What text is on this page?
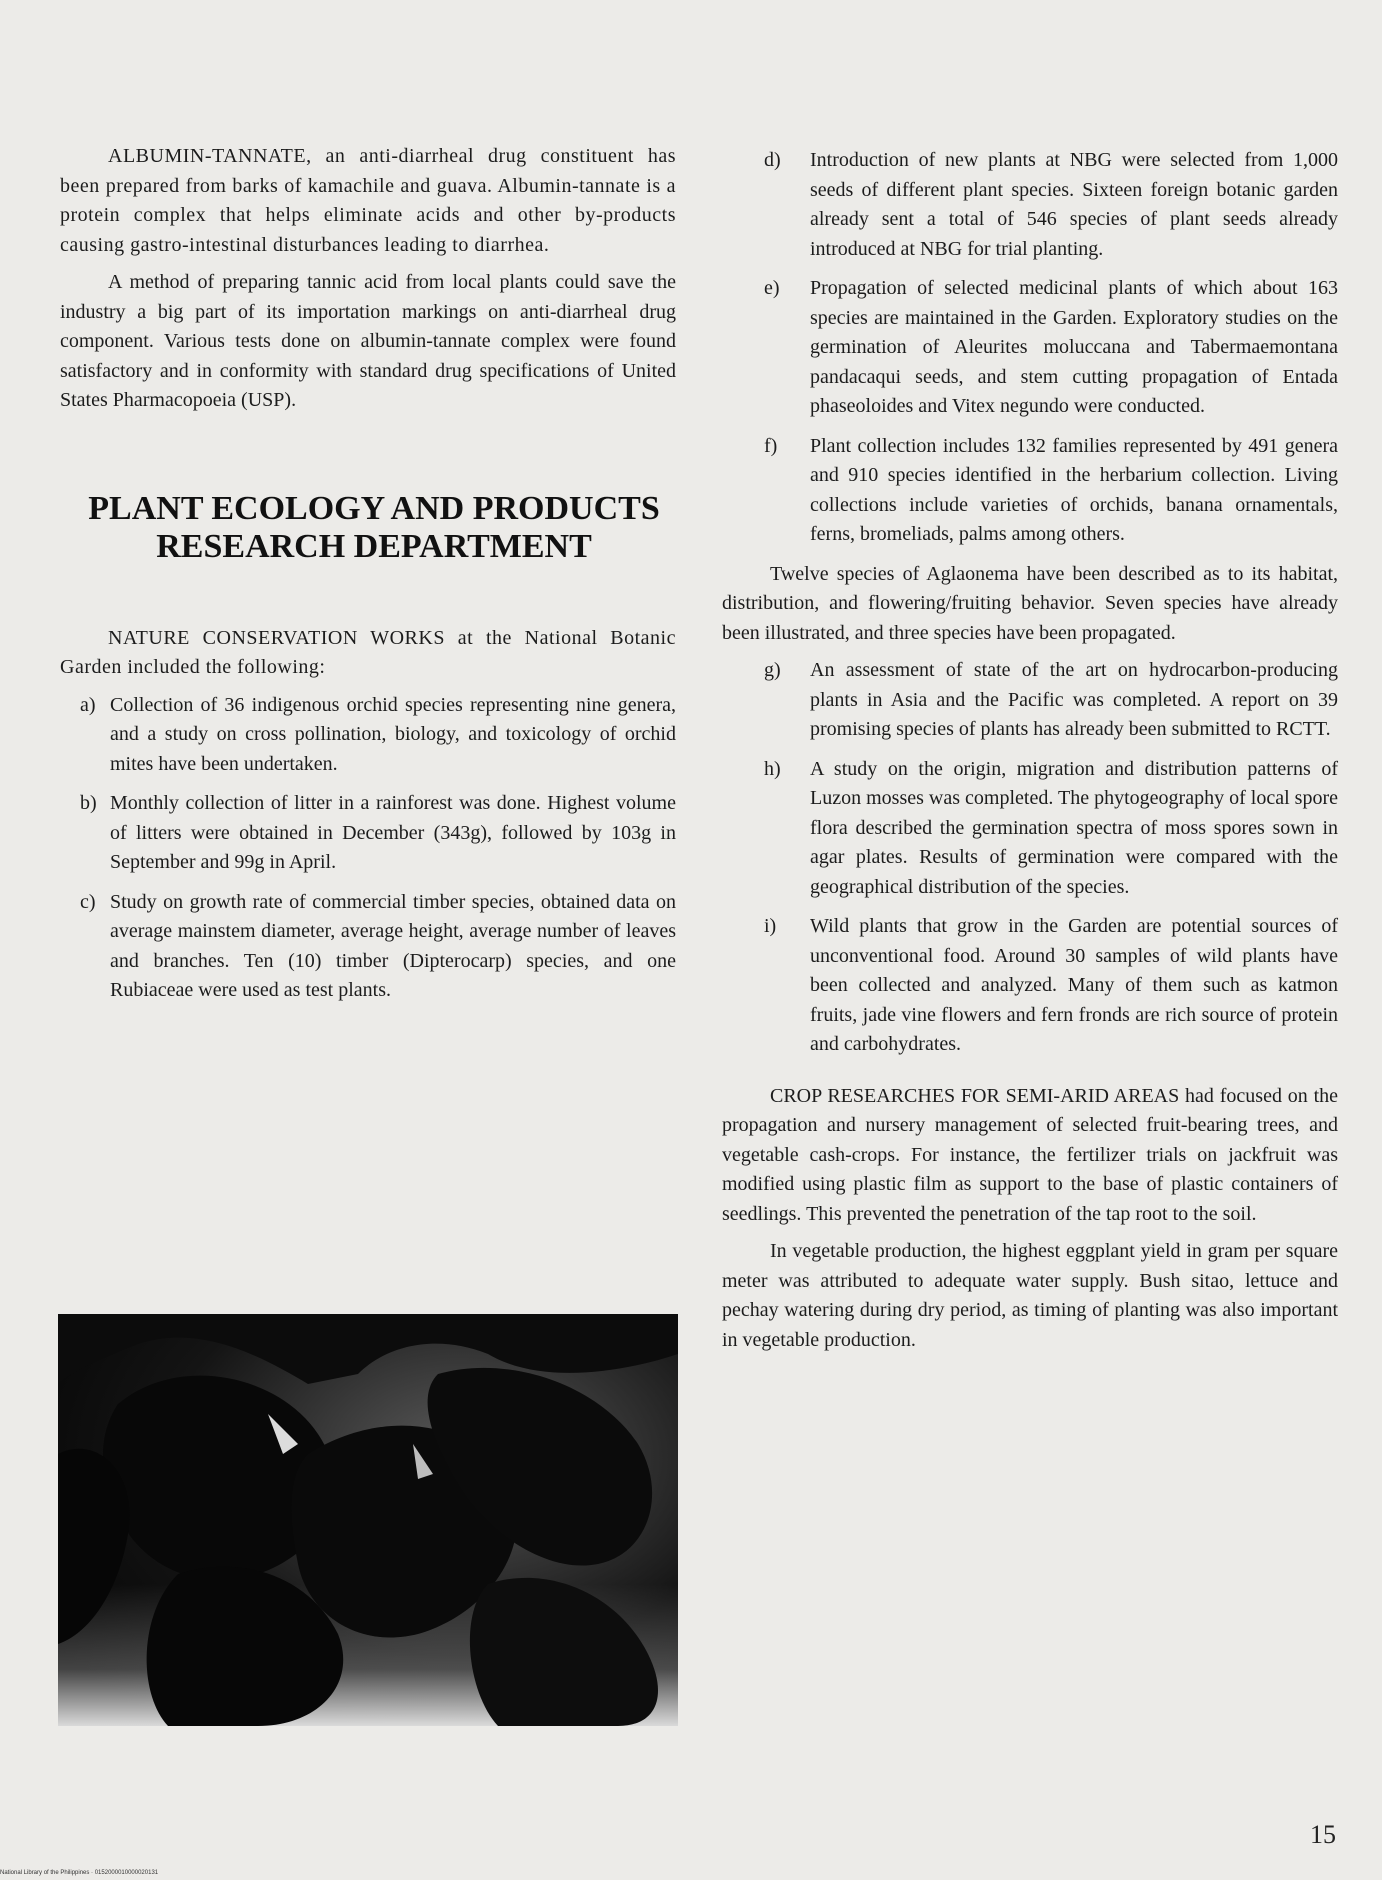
ALBUMIN-TANNATE, an anti-diarrheal drug constituent has been prepared from barks of kamachile and guava. Albumin-tannate is a protein complex that helps eliminate acids and other by-products causing gastro-intestinal disturbances leading to diarrhea.

A method of preparing tannic acid from local plants could save the industry a big part of its importation markings on anti-diarrheal drug component. Various tests done on albumin-tannate complex were found satisfactory and in conformity with standard drug specifications of United States Pharmacopoeia (USP).

PLANT ECOLOGY AND PRODUCTS RESEARCH DEPARTMENT

NATURE CONSERVATION WORKS at the National Botanic Garden included the following:

a) Collection of 36 indigenous orchid species representing nine genera, and a study on cross pollination, biology, and toxicology of orchid mites have been undertaken.
b) Monthly collection of litter in a rainforest was done. Highest volume of litters were obtained in December (343g), followed by 103g in September and 99g in April.
c) Study on growth rate of commercial timber species, obtained data on average mainstem diameter, average height, average number of leaves and branches. Ten (10) timber (Dipterocarp) species, and one Rubiaceae were used as test plants.
d)	Introduction of new plants at NBG were selected from 1,000 seeds of different plant species. Sixteen foreign botanic garden already sent a total of 546 species of plant seeds already introduced at NBG for trial planting.
e)	Propagation of selected medicinal plants of which about 163 species are maintained in the Garden. Exploratory studies on the germination of Aleurites moluccana and Tabermaemontana pandacaqui seeds, and stem cutting propagation of Entada phaseoloides and Vitex negundo were conducted.
f)	Plant collection includes 132 families represented by 491 genera and 910 species identified in the herbarium collection. Living collections include varieties of orchids, banana ornamentals, ferns, bromeliads, palms among others.

Twelve species of Aglaonema have been described as to its habitat, distribution, and flowering/fruiting behavior. Seven species have already been illustrated, and three species have been propagated.

g)	An assessment of state of the art on hydrocarbon-producing plants in Asia and the Pacific was completed. A report on 39 promising species of plants has already been submitted to RCTT.
h)	A study on the origin, migration and distribution patterns of Luzon mosses was completed. The phytogeography of local spore flora described the germination spectra of moss spores sown in agar plates. Results of germination were compared with the geographical distribution of the species.
i)	Wild plants that grow in the Garden are potential sources of unconventional food. Around 30 samples of wild plants have been collected and analyzed. Many of them such as katmon fruits, jade vine flowers and fern fronds are rich source of protein and carbohydrates.

CROP RESEARCHES FOR SEMI-ARID AREAS had focused on the propagation and nursery management of selected fruit-bearing trees, and vegetable cash-crops. For instance, the fertilizer trials on jackfruit was modified using plastic film as support to the base of plastic containers of seedlings. This prevented the penetration of the tap root to the soil.

In vegetable production, the highest eggplant yield in gram per square meter was attributed to adequate water supply. Bush sitao, lettuce and pechay watering during dry period, as timing of planting was also important in vegetable production.

15
National Library of the Philippines · 0152000010000020131
